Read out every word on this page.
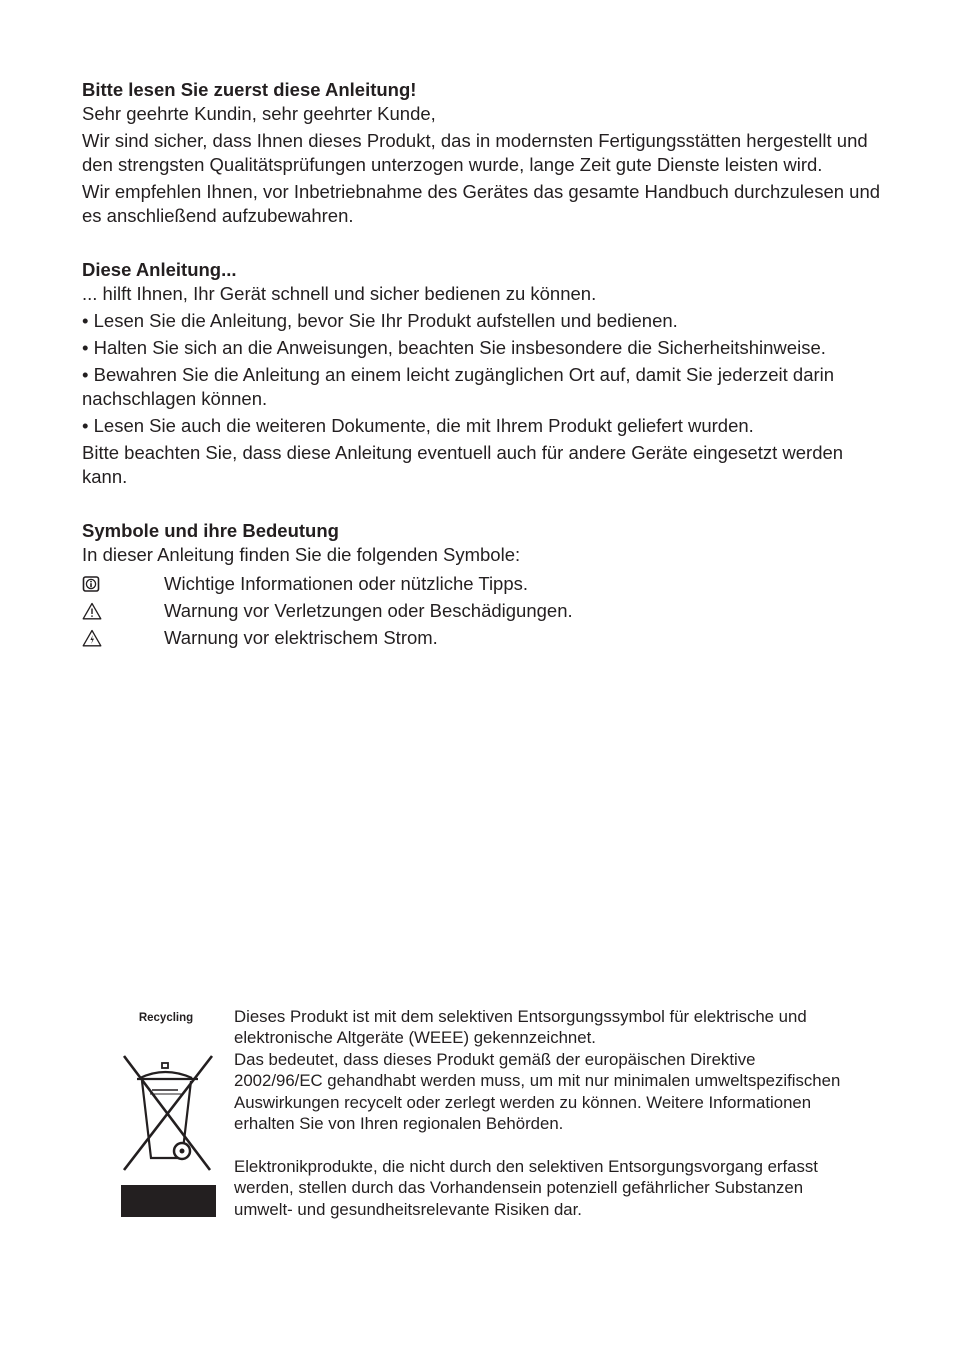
Bitte lesen Sie zuerst diese Anleitung!

Sehr geehrte Kundin, sehr geehrter Kunde,

Wir sind sicher, dass Ihnen dieses Produkt, das in modernsten Fertigungsstätten hergestellt und den strengsten Qualitätsprüfungen unterzogen wurde, lange Zeit gute Dienste leisten wird.

Wir empfehlen Ihnen, vor Inbetriebnahme des Gerätes das gesamte Handbuch durchzulesen und es anschließend aufzubewahren.

Diese Anleitung...

... hilft Ihnen, Ihr Gerät schnell und sicher bedienen zu können.

• Lesen Sie die Anleitung, bevor Sie Ihr Produkt aufstellen und bedienen.

• Halten Sie sich an die Anweisungen, beachten Sie insbesondere die Sicherheitshinweise.

• Bewahren Sie die Anleitung an einem leicht zugänglichen Ort auf, damit Sie jederzeit darin nachschlagen können.

• Lesen Sie auch die weiteren Dokumente, die mit Ihrem Produkt geliefert wurden.

Bitte beachten Sie, dass diese Anleitung eventuell auch für andere Geräte eingesetzt werden kann.

Symbole und ihre Bedeutung

In dieser Anleitung finden Sie die folgenden Symbole:

Wichtige Informationen oder nützliche Tipps.
Warnung vor Verletzungen oder Beschädigungen.
Warnung vor elektrischem Strom.
Recycling	Dieses Produkt ist mit dem selektiven Entsorgungssymbol für elektrische und elektronische Altgeräte (WEEE) gekennzeichnet.

Das bedeutet, dass dieses Produkt gemäß der europäischen Direktive 2002/96/EC gehandhabt werden muss, um mit nur minimalen umweltspezifischen Auswirkungen recycelt oder zerlegt werden zu können. Weitere Informationen erhalten Sie von Ihren regionalen Behörden.

Elektronikprodukte, die nicht durch den selektiven Entsorgungsvorgang erfasst werden, stellen durch das Vorhandensein potenziell gefährlicher Substanzen umwelt- und gesundheitsrelevante Risiken dar.
